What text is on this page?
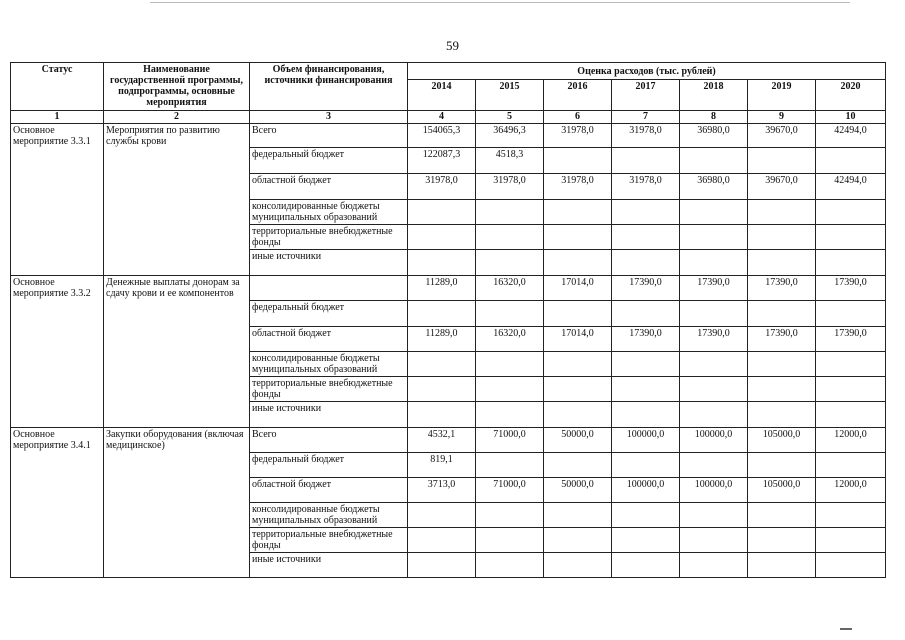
59
Статус	Наименование государственной программы, подпрограммы, основные мероприятия	Объем финансирования, источники финансирования	Оценка расходов (тыс. рублей)						
			2014	2015	2016	2017	2018	2019	2020
1	2	3	4	5	6	7	8	9	10
Основное мероприятие 3.3.1	Мероприятия по развитию службы крови	Всего	154065,3	36496,3	31978,0	31978,0	36980,0	39670,0	42494,0
		федеральный бюджет	122087,3	4518,3					
		областной бюджет	31978,0	31978,0	31978,0	31978,0	36980,0	39670,0	42494,0
		консолидированные бюджеты муниципальных образований							
		территориальные внебюджетные фонды							
		иные источники							
Основное мероприятие 3.3.2	Денежные выплаты донорам за сдачу крови и ее компонентов		11289,0	16320,0	17014,0	17390,0	17390,0	17390,0	17390,0
		федеральный бюджет							
		областной бюджет	11289,0	16320,0	17014,0	17390,0	17390,0	17390,0	17390,0
		консолидированные бюджеты муниципальных образований							
		территориальные внебюджетные фонды							
		иные источники							
Основное мероприятие 3.4.1	Закупки оборудования (включая медицинское)	Всего	4532,1	71000,0	50000,0	100000,0	100000,0	105000,0	12000,0
		федеральный бюджет	819,1						
		областной бюджет	3713,0	71000,0	50000,0	100000,0	100000,0	105000,0	12000,0
		консолидированные бюджеты муниципальных образований							
		территориальные внебюджетные фонды							
		иные источники							
